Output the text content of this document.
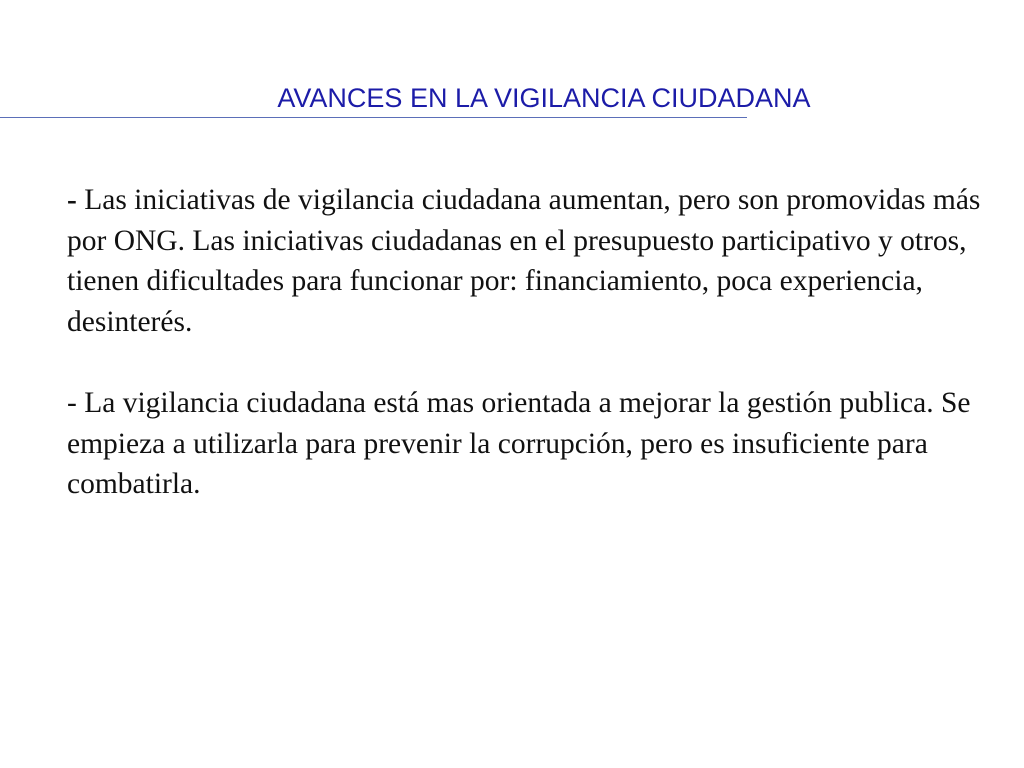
AVANCES EN LA VIGILANCIA CIUDADANA

- Las iniciativas de vigilancia ciudadana aumentan, pero son promovidas más por ONG. Las iniciativas ciudadanas en el presupuesto participativo y otros, tienen dificultades para funcionar por: financiamiento, poca experiencia, desinterés.

- La vigilancia ciudadana está mas orientada a mejorar la gestión publica. Se empieza a utilizarla para prevenir la corrupción, pero es insuficiente para combatirla.
